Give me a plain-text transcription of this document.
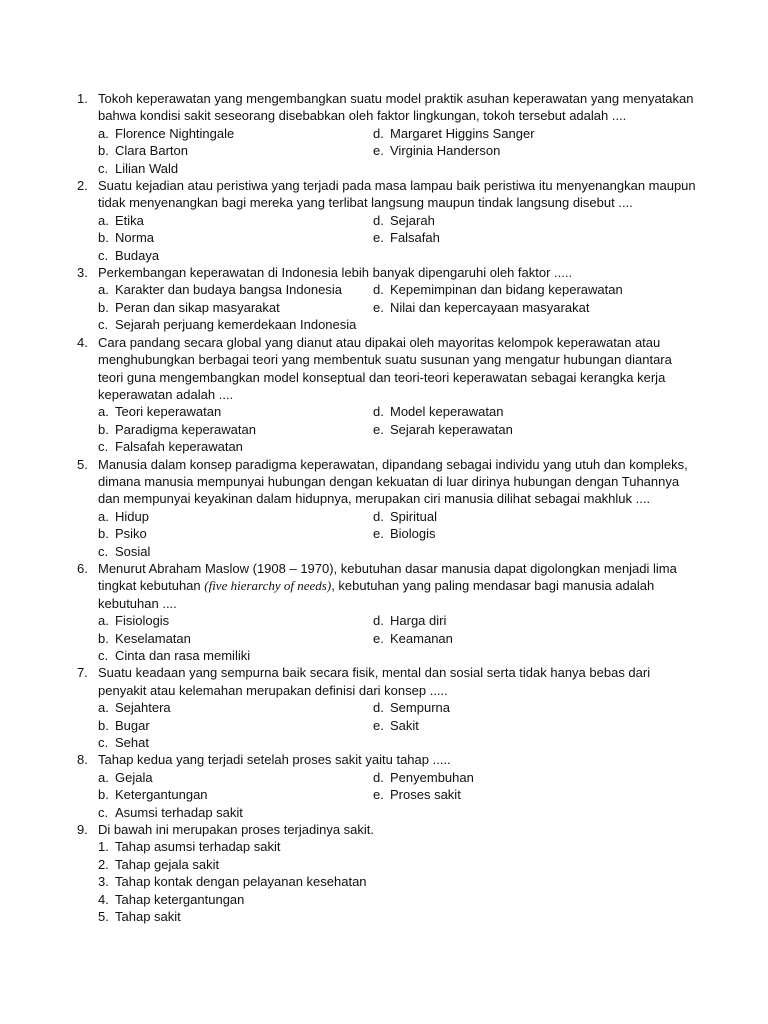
1. Tokoh keperawatan yang mengembangkan suatu model praktik asuhan keperawatan yang menyatakan bahwa kondisi sakit seseorang disebabkan oleh faktor lingkungan, tokoh tersebut adalah ....
a. Florence Nightingale	d. Margaret Higgins Sanger
b. Clara Barton	e. Virginia Handerson
c. Lilian Wald
2. Suatu kejadian atau peristiwa yang terjadi pada masa lampau baik peristiwa itu menyenangkan maupun tidak menyenangkan bagi mereka yang terlibat langsung maupun tindak langsung disebut ....
a. Etika	d. Sejarah
b. Norma	e. Falsafah
c. Budaya
3. Perkembangan keperawatan di Indonesia lebih banyak dipengaruhi oleh faktor .....
a. Karakter dan budaya bangsa Indonesia	d. Kepemimpinan dan bidang keperawatan
b. Peran dan sikap masyarakat	e. Nilai dan kepercayaan masyarakat
c. Sejarah perjuang kemerdekaan Indonesia
4. Cara pandang secara global yang dianut atau dipakai oleh mayoritas kelompok keperawatan atau menghubungkan berbagai teori yang membentuk suatu susunan yang mengatur hubungan diantara teori guna mengembangkan model konseptual dan teori-teori keperawatan sebagai kerangka kerja keperawatan adalah ....
a. Teori keperawatan	d. Model keperawatan
b. Paradigma keperawatan	e. Sejarah keperawatan
c. Falsafah keperawatan
5. Manusia dalam konsep paradigma keperawatan, dipandang sebagai individu yang utuh dan kompleks, dimana manusia mempunyai hubungan dengan kekuatan di luar dirinya hubungan dengan Tuhannya dan mempunyai keyakinan dalam hidupnya, merupakan ciri manusia dilihat sebagai makhluk ....
a. Hidup	d. Spiritual
b. Psiko	e. Biologis
c. Sosial
6. Menurut Abraham Maslow (1908 – 1970), kebutuhan dasar manusia dapat digolongkan menjadi lima tingkat kebutuhan (five hierarchy of needs), kebutuhan yang paling mendasar bagi manusia adalah kebutuhan ....
a. Fisiologis	d. Harga diri
b. Keselamatan	e. Keamanan
c. Cinta dan rasa memiliki
7. Suatu keadaan yang sempurna baik secara fisik, mental dan sosial serta tidak hanya bebas dari penyakit atau kelemahan merupakan definisi dari konsep .....
a. Sejahtera	d. Sempurna
b. Bugar	e. Sakit
c. Sehat
8. Tahap kedua yang terjadi setelah proses sakit yaitu tahap .....
a. Gejala	d. Penyembuhan
b. Ketergantungan	e. Proses sakit
c. Asumsi terhadap sakit
9. Di bawah ini merupakan proses terjadinya sakit.
1. Tahap asumsi terhadap sakit
2. Tahap gejala sakit
3. Tahap kontak dengan pelayanan kesehatan
4. Tahap ketergantungan
5. Tahap sakit
